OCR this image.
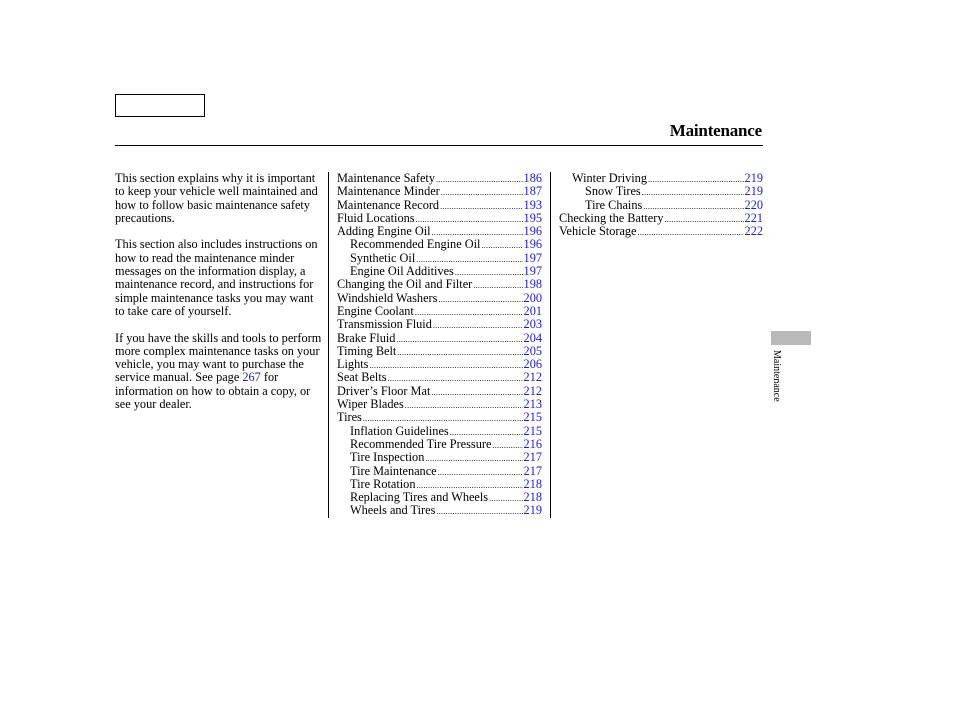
Maintenance

This section explains why it is important to keep your vehicle well maintained and how to follow basic maintenance safety precautions.

This section also includes instructions on how to read the maintenance minder messages on the information display, a maintenance record, and instructions for simple maintenance tasks you may want to take care of yourself.

If you have the skills and tools to perform more complex maintenance tasks on your vehicle, you may want to purchase the service manual. See page 267 for information on how to obtain a copy, or see your dealer.

Maintenance Safety .....	186
Maintenance Minder .....	187
Maintenance Record .....	193
Fluid Locations .....	195
Adding Engine Oil .....	196
Recommended Engine Oil .....	196
Synthetic Oil .....	197
Engine Oil Additives .....	197
Changing the Oil and Filter .....	198
Windshield Washers .....	200
Engine Coolant .....	201
Transmission Fluid .....	203
Brake Fluid .....	204
Timing Belt .....	205
Lights .....	206
Seat Belts .....	212
Driver’s Floor Mat .....	212
Wiper Blades .....	213
Tires .....	215
Inflation Guidelines .....	215
Recommended Tire Pressure .....	216
Tire Inspection .....	217
Tire Maintenance .....	217
Tire Rotation .....	218
Replacing Tires and Wheels .....	218
Wheels and Tires .....	219
Winter Driving .....	219
Snow Tires .....	219
Tire Chains .....	220
Checking the Battery .....	221
Vehicle Storage .....	222
Maintenance
